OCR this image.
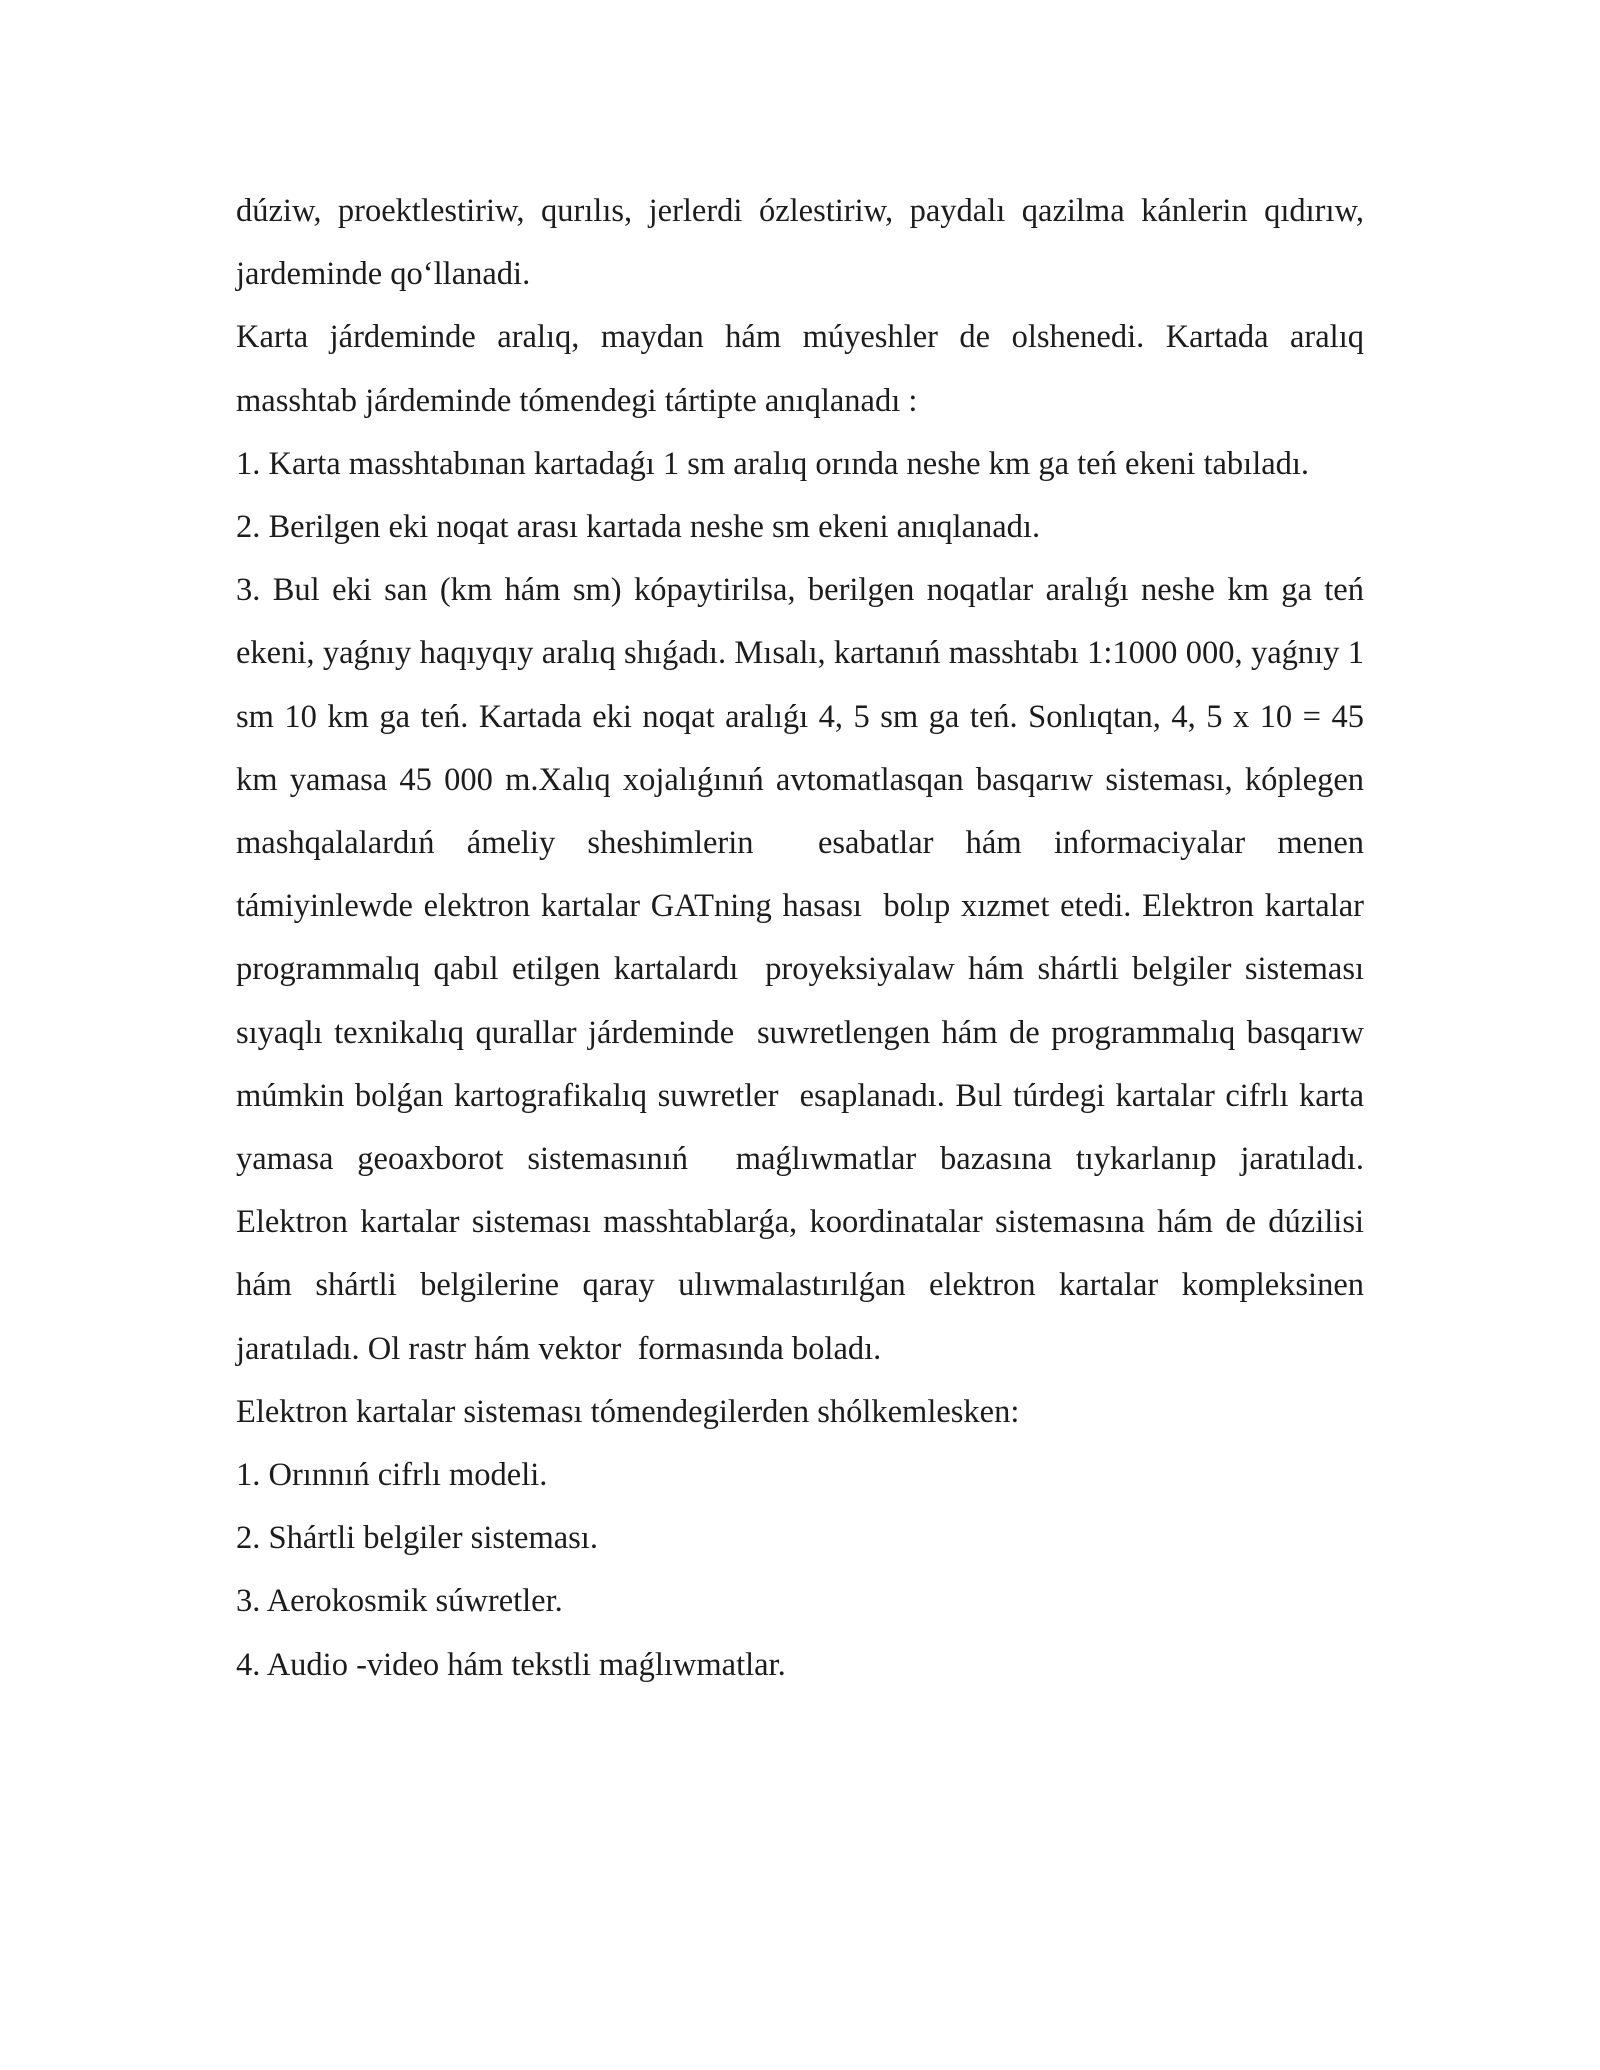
dúziw, proektlestiriw, qurılıs, jerlerdi ózlestiriw, paydalı qazilma kánlerin qıdırıw, jardeminde qo‘llanadi.

Karta járdeminde aralıq, maydan hám múyeshler de olshenedi. Kartada aralıq masshtab járdeminde tómendegi tártipte anıqlanadı :

1. Karta masshtabınan kartadaǵı 1 sm aralıq orında neshe km ga teń ekeni tabıladı.

2. Berilgen eki noqat arası kartada neshe sm ekeni anıqlanadı.

3. Bul eki san (km hám sm) kópaytirilsa, berilgen noqatlar aralıǵı neshe km ga teń ekeni, yaǵnıy haqıyqıy aralıq shıǵadı. Mısalı, kartanıń masshtabı 1:1000 000, yaǵnıy 1 sm 10 km ga teń. Kartada eki noqat aralıǵı 4, 5 sm ga teń. Sonlıqtan, 4, 5 x 10 = 45 km yamasa 45 000 m.Xalıq xojalıǵınıń avtomatlasqan basqarıw sisteması, kóplegen mashqalalardıń ámeliy sheshimlerin  esabatlar hám informaciyalar menen támiyinlewde elektron kartalar GATning hasası  bolıp xızmet etedi. Elektron kartalar programmalıq qabıl etilgen kartalardı  proyeksiyalaw hám shártli belgiler sisteması sıyaqlı texnikalıq qurallar járdeminde  suwretlengen hám de programmalıq basqarıw múmkin bolǵan kartografikalıq suwretler  esaplanadı. Bul túrdegi kartalar cifrlı karta yamasa geoaxborot sistemasınıń  maǵlıwmatlar bazasına tıykarlanıp jaratıladı. Elektron kartalar sisteması masshtablarǵa, koordinatalar sistemasına hám de dúzilisi hám shártli belgilerine qaray ulıwmalastırılǵan elektron kartalar kompleksinen jaratıladı. Ol rastr hám vektor  formasında boladı.

Elektron kartalar sisteması tómendegilerden shólkemlesken:

1. Orınnıń cifrlı modeli.

2. Shártli belgiler sisteması.

3. Aerokosmik súwretler.

4. Audio -video hám tekstli maǵlıwmatlar.
